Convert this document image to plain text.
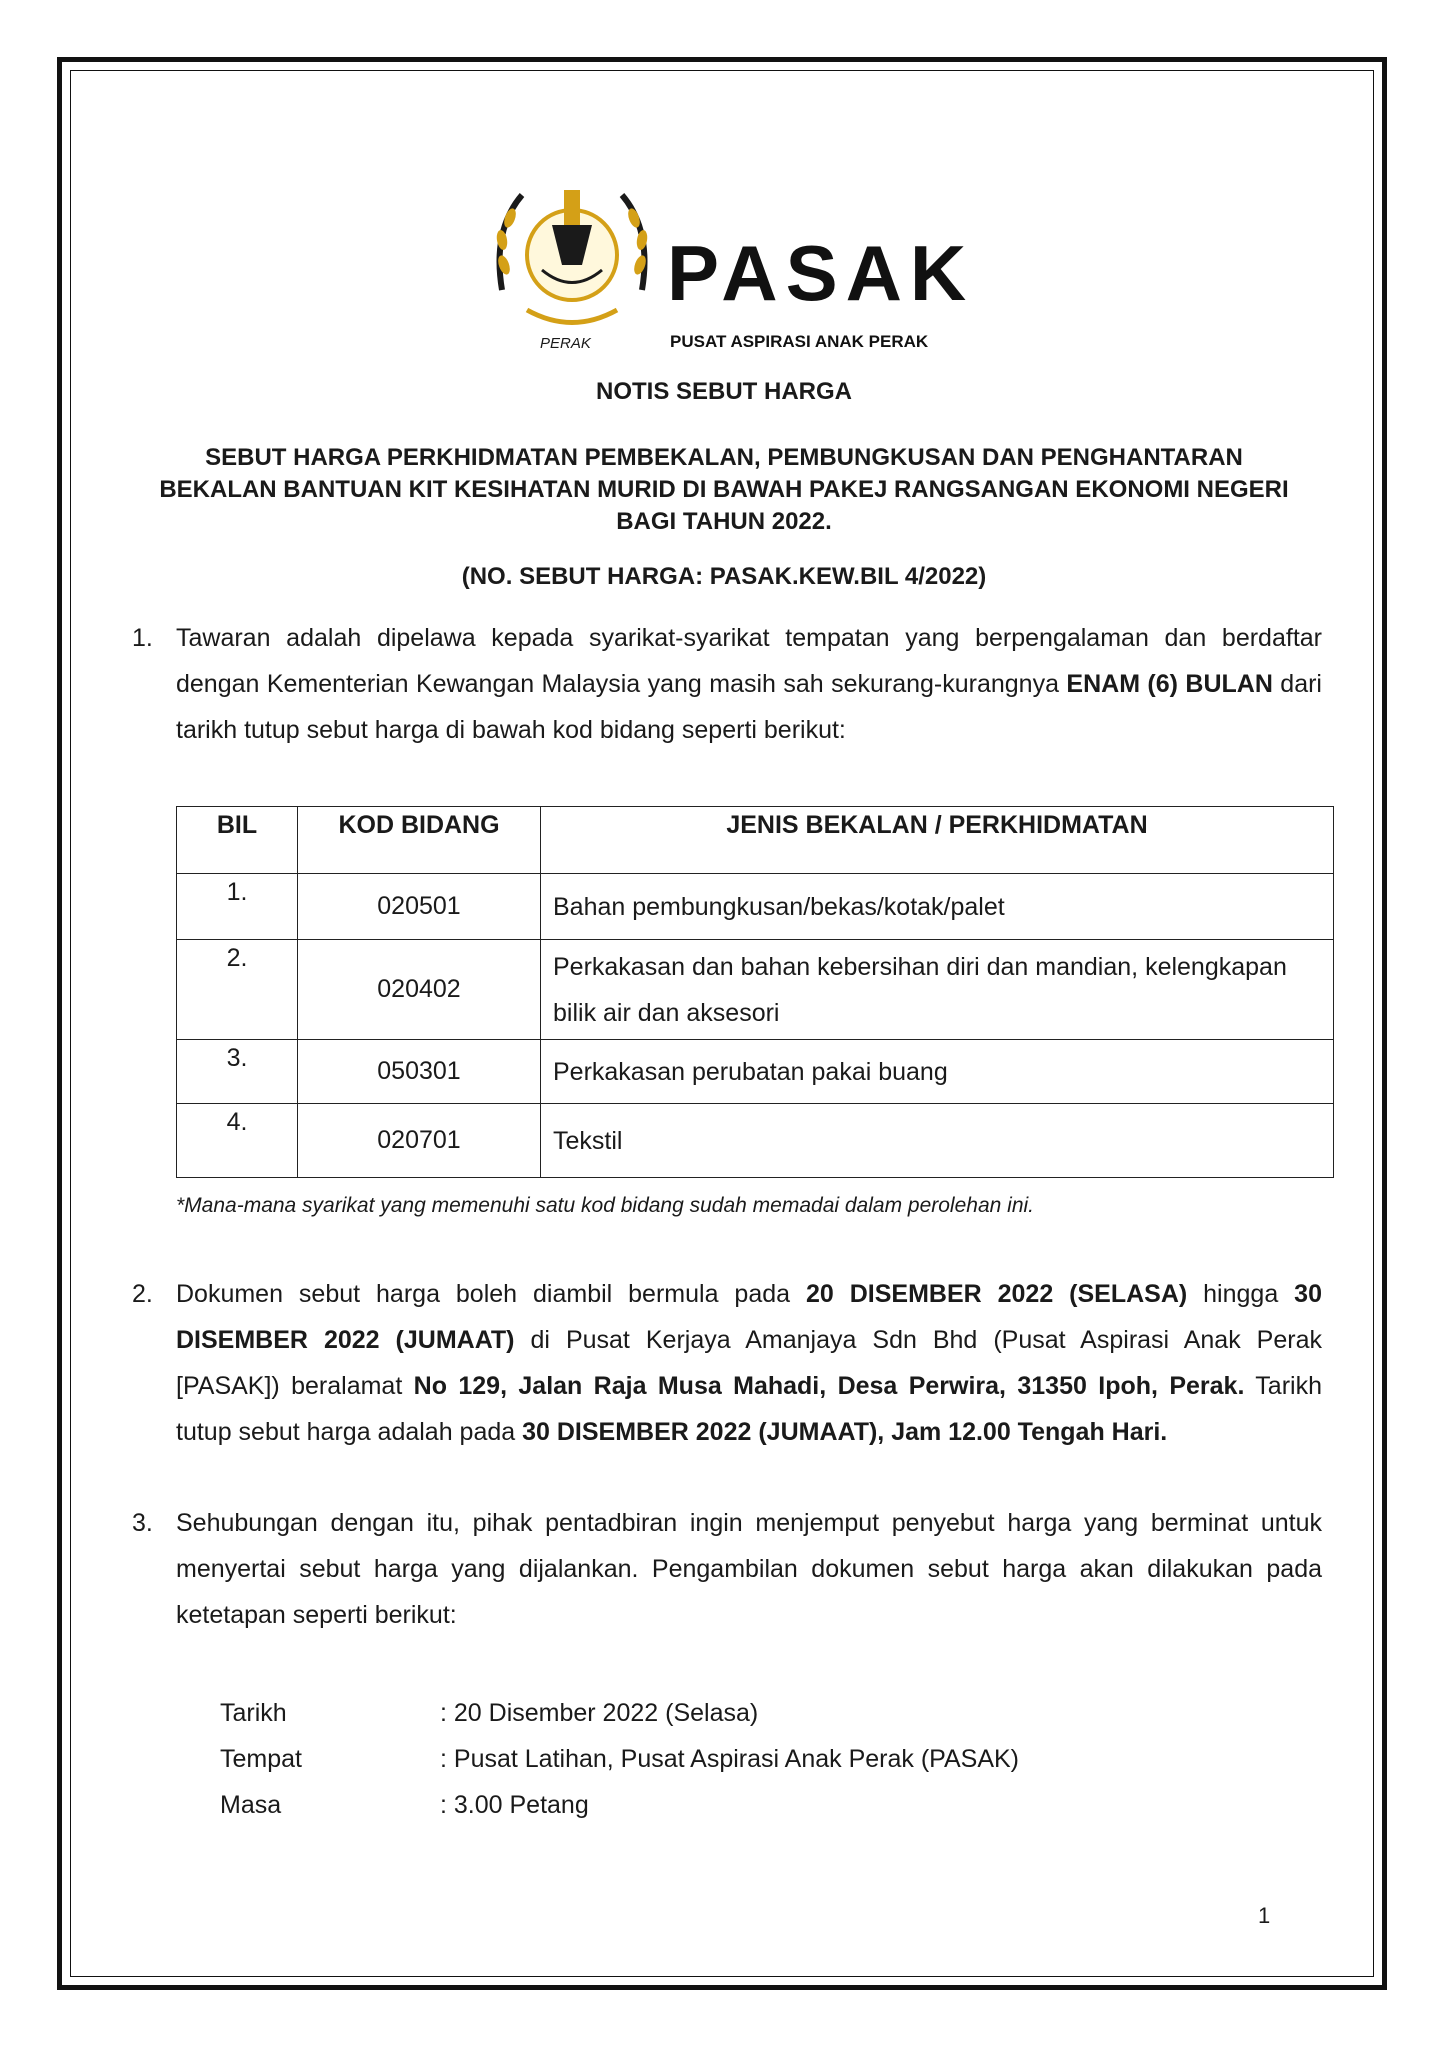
PERAK
PASAK
PUSAT ASPIRASI ANAK PERAK
NOTIS SEBUT HARGA
SEBUT HARGA PERKHIDMATAN PEMBEKALAN, PEMBUNGKUSAN DAN PENGHANTARAN BEKALAN BANTUAN KIT KESIHATAN MURID DI BAWAH PAKEJ RANGSANGAN EKONOMI NEGERI BAGI TAHUN 2022.
(NO. SEBUT HARGA: PASAK.KEW.BIL 4/2022)
1. Tawaran adalah dipelawa kepada syarikat-syarikat tempatan yang berpengalaman dan berdaftar dengan Kementerian Kewangan Malaysia yang masih sah sekurang-kurangnya ENAM (6) BULAN dari tarikh tutup sebut harga di bawah kod bidang seperti berikut:
BIL	KOD BIDANG	JENIS BEKALAN / PERKHIDMATAN
1.	020501	Bahan pembungkusan/bekas/kotak/palet
2.	020402	Perkakasan dan bahan kebersihan diri dan mandian, kelengkapan bilik air dan aksesori
3.	050301	Perkakasan perubatan pakai buang
4.	020701	Tekstil
*Mana-mana syarikat yang memenuhi satu kod bidang sudah memadai dalam perolehan ini.
2. Dokumen sebut harga boleh diambil bermula pada 20 DISEMBER 2022 (SELASA) hingga 30 DISEMBER 2022 (JUMAAT) di Pusat Kerjaya Amanjaya Sdn Bhd (Pusat Aspirasi Anak Perak [PASAK]) beralamat No 129, Jalan Raja Musa Mahadi, Desa Perwira, 31350 Ipoh, Perak. Tarikh tutup sebut harga adalah pada 30 DISEMBER 2022 (JUMAAT), Jam 12.00 Tengah Hari.
3. Sehubungan dengan itu, pihak pentadbiran ingin menjemput penyebut harga yang berminat untuk menyertai sebut harga yang dijalankan. Pengambilan dokumen sebut harga akan dilakukan pada ketetapan seperti berikut:
Tarikh	: 20 Disember 2022 (Selasa)
Tempat	: Pusat Latihan, Pusat Aspirasi Anak Perak (PASAK)
Masa	: 3.00 Petang
1
